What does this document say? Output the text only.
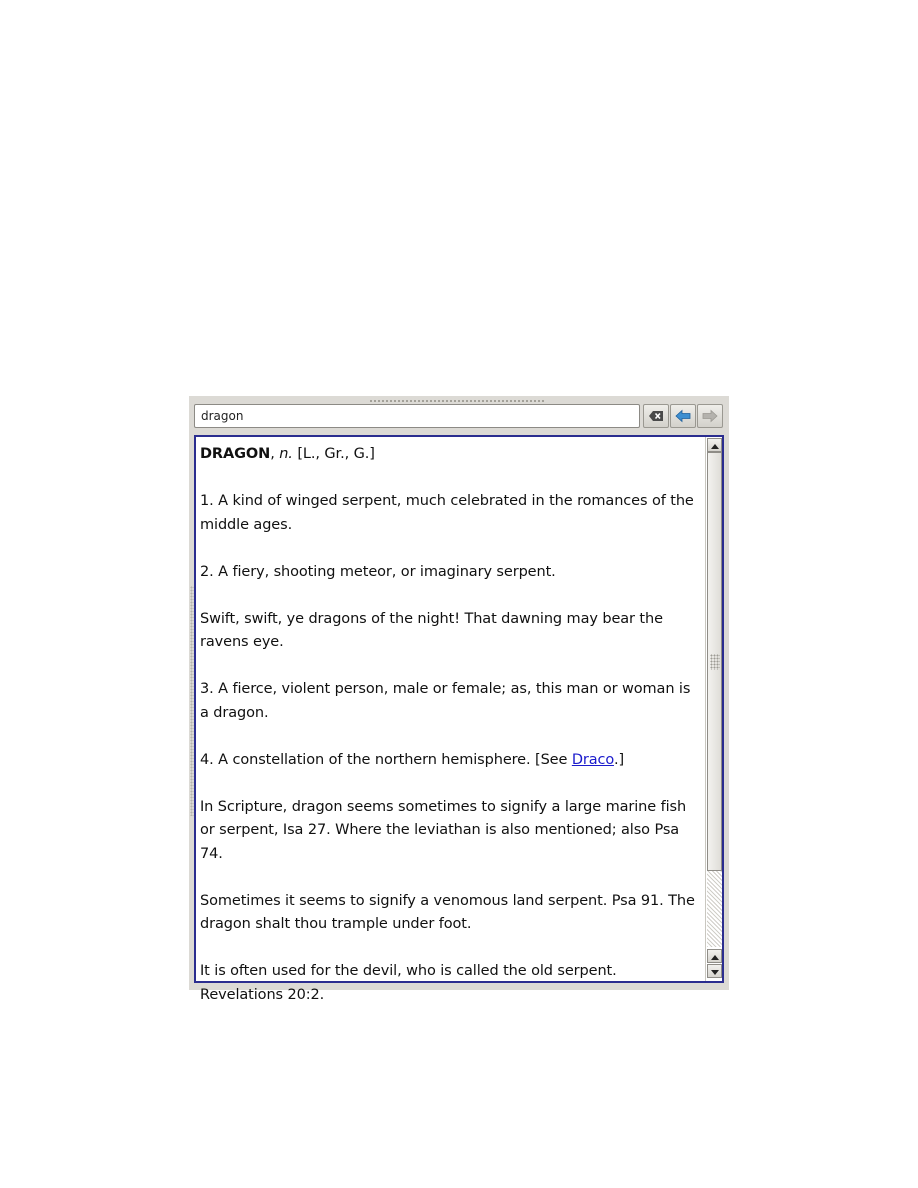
dragon

DRAGON, n. [L., Gr., G.]

1. A kind of winged serpent, much celebrated in the romances of the middle ages.

2. A fiery, shooting meteor, or imaginary serpent.

Swift, swift, ye dragons of the night! That dawning may bear the ravens eye.

3. A fierce, violent person, male or female; as, this man or woman is a dragon.

4. A constellation of the northern hemisphere. [See Draco.]

In Scripture, dragon seems sometimes to signify a large marine fish or serpent, Isa 27. Where the leviathan is also mentioned; also Psa 74.

Sometimes it seems to signify a venomous land serpent. Psa 91. The dragon shalt thou trample under foot.

It is often used for the devil, who is called the old serpent. Revelations 20:2.
